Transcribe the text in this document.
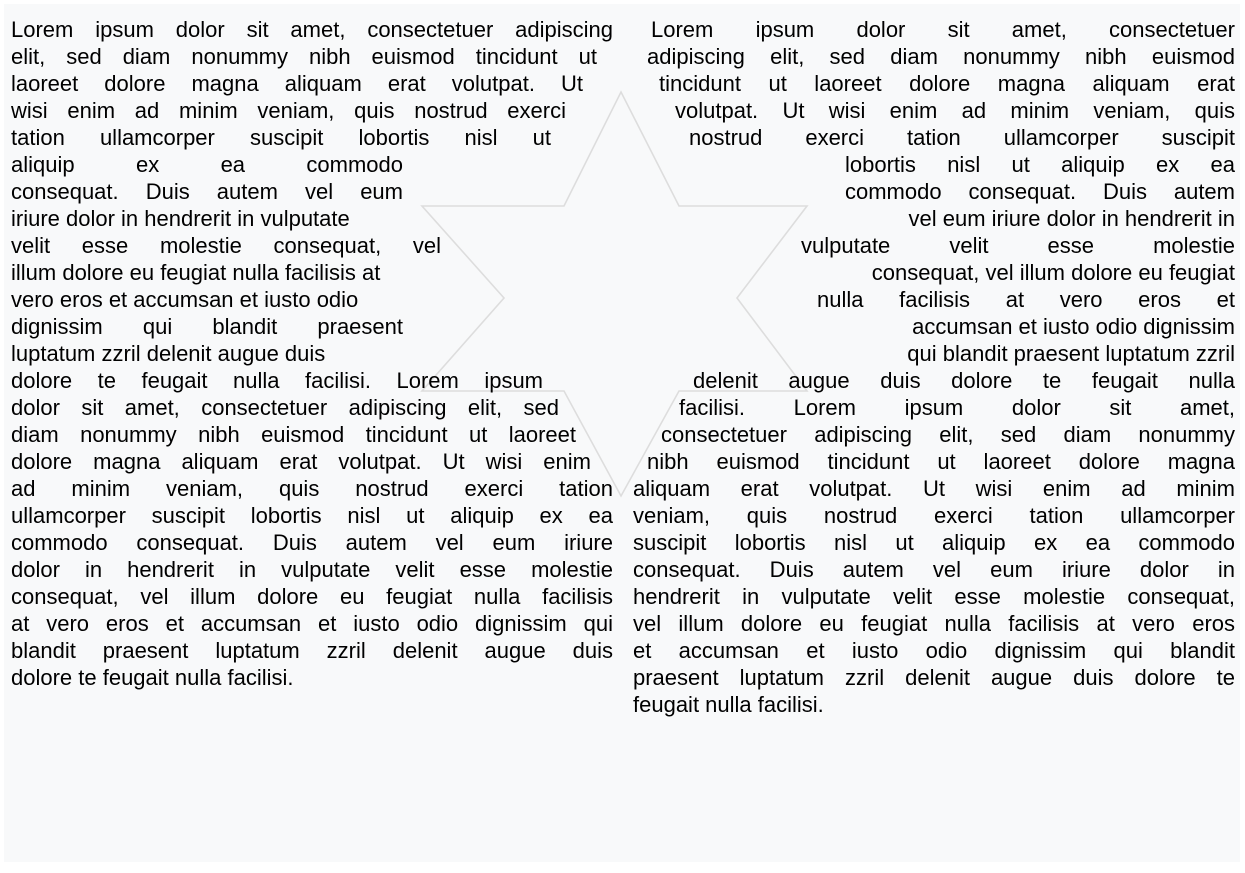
Lorem ipsum dolor sit amet, consectetuer adipiscing

elit, sed diam nonummy nibh euismod tincidunt ut

laoreet dolore magna aliquam erat volutpat. Ut

wisi enim ad minim veniam, quis nostrud exerci

tation ullamcorper suscipit lobortis nisl ut

aliquip ex ea commodo

consequat. Duis autem vel eum

iriure dolor in hendrerit in vulputate

velit esse molestie consequat, vel

illum dolore eu feugiat nulla facilisis at

vero eros et accumsan et iusto odio

dignissim qui blandit praesent

luptatum zzril delenit augue duis

dolore te feugait nulla facilisi. Lorem ipsum

dolor sit amet, consectetuer adipiscing elit, sed

diam nonummy nibh euismod tincidunt ut laoreet

dolore magna aliquam erat volutpat. Ut wisi enim

ad minim veniam, quis nostrud exerci tation

ullamcorper suscipit lobortis nisl ut aliquip ex ea

commodo consequat. Duis autem vel eum iriure

dolor in hendrerit in vulputate velit esse molestie

consequat, vel illum dolore eu feugiat nulla facilisis

at vero eros et accumsan et iusto odio dignissim qui

blandit praesent luptatum zzril delenit augue duis

dolore te feugait nulla facilisi.

Lorem ipsum dolor sit amet, consectetuer

adipiscing elit, sed diam nonummy nibh euismod

tincidunt ut laoreet dolore magna aliquam erat

volutpat. Ut wisi enim ad minim veniam, quis

nostrud exerci tation ullamcorper suscipit

lobortis nisl ut aliquip ex ea

commodo consequat. Duis autem

vel eum iriure dolor in hendrerit in

vulputate velit esse molestie

consequat, vel illum dolore eu feugiat

nulla facilisis at vero eros et

accumsan et iusto odio dignissim

qui blandit praesent luptatum zzril

delenit augue duis dolore te feugait nulla

facilisi. Lorem ipsum dolor sit amet,

consectetuer adipiscing elit, sed diam nonummy

nibh euismod tincidunt ut laoreet dolore magna

aliquam erat volutpat. Ut wisi enim ad minim

veniam, quis nostrud exerci tation ullamcorper

suscipit lobortis nisl ut aliquip ex ea commodo

consequat. Duis autem vel eum iriure dolor in

hendrerit in vulputate velit esse molestie consequat,

vel illum dolore eu feugiat nulla facilisis at vero eros

et accumsan et iusto odio dignissim qui blandit

praesent luptatum zzril delenit augue duis dolore te

feugait nulla facilisi.
